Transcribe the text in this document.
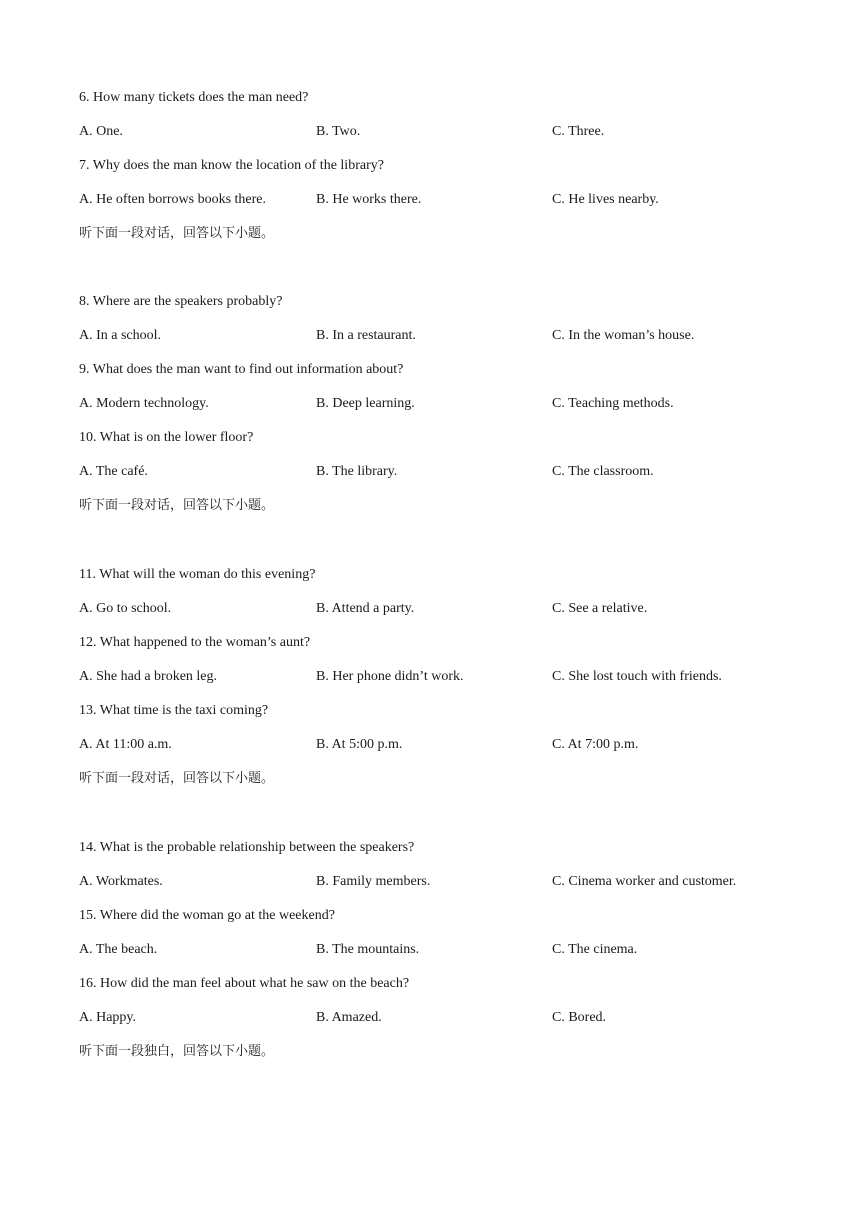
6. How many tickets does the man need?
A. One.	B. Two.	C. Three.
7. Why does the man know the location of the library?
A. He often borrows books there.	B. He works there.	C. He lives nearby.
听下面一段对话，回答以下小题。
8. Where are the speakers probably?
A. In a school.	B. In a restaurant.	C. In the woman’s house.
9. What does the man want to find out information about?
A. Modern technology.	B. Deep learning.	C. Teaching methods.
10. What is on the lower floor?
A. The café.	B. The library.	C. The classroom.
听下面一段对话，回答以下小题。
11. What will the woman do this evening?
A. Go to school.	B. Attend a party.	C. See a relative.
12. What happened to the woman’s aunt?
A. She had a broken leg.	B. Her phone didn’t work.	C. She lost touch with friends.
13. What time is the taxi coming?
A. At 11:00 a.m.	B. At 5:00 p.m.	C. At 7:00 p.m.
听下面一段对话，回答以下小题。
14. What is the probable relationship between the speakers?
A. Workmates.	B. Family members.	C. Cinema worker and customer.
15. Where did the woman go at the weekend?
A. The beach.	B. The mountains.	C. The cinema.
16. How did the man feel about what he saw on the beach?
A. Happy.	B. Amazed.	C. Bored.
听下面一段独白，回答以下小题。
